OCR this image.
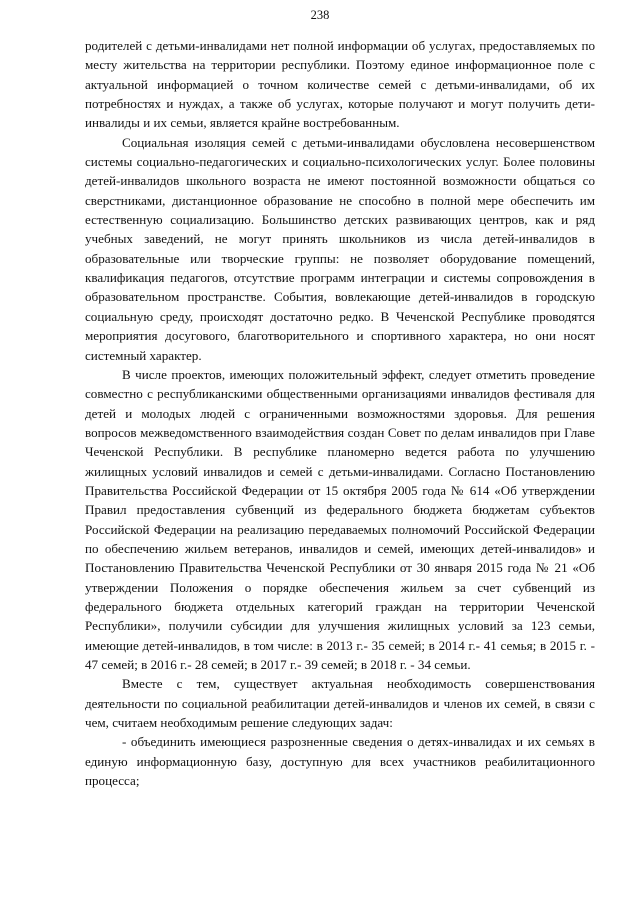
238

родителей с детьми-инвалидами нет полной информации об услугах, предоставляемых по месту жительства на территории республики. Поэтому единое информационное поле с актуальной информацией о точном количестве семей с детьми-инвалидами, об их потребностях и нуждах, а также об услугах, которые получают и могут получить дети-инвалиды и их семьи, является крайне востребованным.

Социальная изоляция семей с детьми-инвалидами обусловлена несовершенством системы социально-педагогических и социально-психологических услуг. Более половины детей-инвалидов школьного возраста не имеют постоянной возможности общаться со сверстниками, дистанционное образование не способно в полной мере обеспечить им естественную социализацию. Большинство детских развивающих центров, как и ряд учебных заведений, не могут принять школьников из числа детей-инвалидов в образовательные или творческие группы: не позволяет оборудование помещений, квалификация педагогов, отсутствие программ интеграции и системы сопровождения в образовательном пространстве. События, вовлекающие детей-инвалидов в городскую социальную среду, происходят достаточно редко. В Чеченской Республике проводятся мероприятия досугового, благотворительного и спортивного характера, но они носят системный характер.

В числе проектов, имеющих положительный эффект, следует отметить проведение совместно с республиканскими общественными организациями инвалидов фестиваля для детей и молодых людей с ограниченными возможностями здоровья. Для решения вопросов межведомственного взаимодействия создан Совет по делам инвалидов при Главе Чеченской Республики. В республике планомерно ведется работа по улучшению жилищных условий инвалидов и семей с детьми-инвалидами. Согласно Постановлению Правительства Российской Федерации от 15 октября 2005 года № 614 «Об утверждении Правил предоставления субвенций из федерального бюджета бюджетам субъектов Российской Федерации на реализацию передаваемых полномочий Российской Федерации по обеспечению жильем ветеранов, инвалидов и семей, имеющих детей-инвалидов» и Постановлению Правительства Чеченской Республики от 30 января 2015 года № 21 «Об утверждении Положения о порядке обеспечения жильем за счет субвенций из федерального бюджета отдельных категорий граждан на территории Чеченской Республики», получили субсидии для улучшения жилищных условий за 123 семьи, имеющие детей-инвалидов, в том числе: в 2013 г.- 35 семей; в 2014 г.- 41 семья; в 2015 г. - 47 семей; в 2016 г.- 28 семей; в 2017 г.- 39 семей; в 2018 г. - 34 семьи.

Вместе с тем, существует актуальная необходимость совершенствования деятельности по социальной реабилитации детей-инвалидов и членов их семей, в связи с чем, считаем необходимым решение следующих задач:

- объединить имеющиеся разрозненные сведения о детях-инвалидах и их семьях в единую информационную базу, доступную для всех участников реабилитационного процесса;
